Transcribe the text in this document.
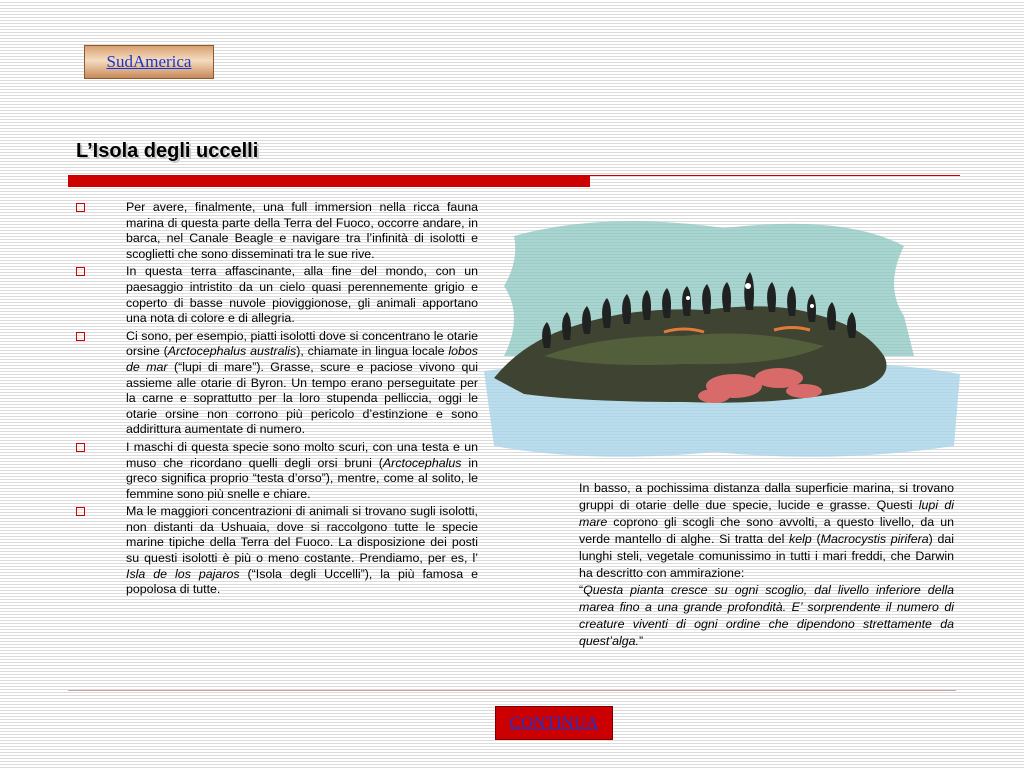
SudAmerica
L’Isola degli uccelli
Per avere, finalmente, una full immersion nella ricca fauna marina di questa parte della Terra del Fuoco, occorre andare, in barca, nel Canale Beagle e navigare tra l’infinità di isolotti e scoglietti che sono disseminati tra le sue rive.
In questa terra affascinante, alla fine del mondo, con un paesaggio intristito da un cielo quasi perennemente grigio e coperto di basse nuvole pioviggionose, gli animali apportano una nota di colore e di allegria.
Ci sono, per esempio, piatti isolotti dove si concentrano le otarie orsine (Arctocephalus australis), chiamate in lingua locale lobos de mar (“lupi di mare”). Grasse, scure e paciose vivono qui assieme alle otarie di Byron. Un tempo erano perseguitate per la carne e soprattutto per la loro stupenda pelliccia, oggi le otarie orsine non corrono più pericolo d’estinzione e sono addirittura aumentate di numero.
I maschi di questa specie sono molto scuri, con una testa e un muso che ricordano quelli degli orsi bruni (Arctocephalus in greco significa proprio “testa d’orso”), mentre, come al solito, le femmine sono più snelle e chiare.
Ma le maggiori concentrazioni di animali si trovano sugli isolotti, non distanti da Ushuaia, dove si raccolgono tutte le specie marine tipiche della Terra del Fuoco. La disposizione dei posti su questi isolotti è più o meno costante. Prendiamo, per es, l’ Isla de los pajaros (“Isola degli Uccelli”), la più famosa e popolosa di tutte.

In basso, a pochissima distanza dalla superficie marina, si trovano gruppi di otarie delle due specie, lucide e grasse. Questi lupi di mare coprono gli scogli che sono avvolti, a questo livello, da un verde mantello di alghe. Si tratta del kelp (Macrocystis pirifera) dai lunghi steli, vegetale comunissimo in tutti i mari freddi, che Darwin ha descritto con ammirazione:

“Questa pianta cresce su ogni scoglio, dal livello inferiore della marea fino a una grande profondità. E’ sorprendente il numero di creature viventi di ogni ordine che dipendono strettamente da quest’alga.”

CONTINUA
